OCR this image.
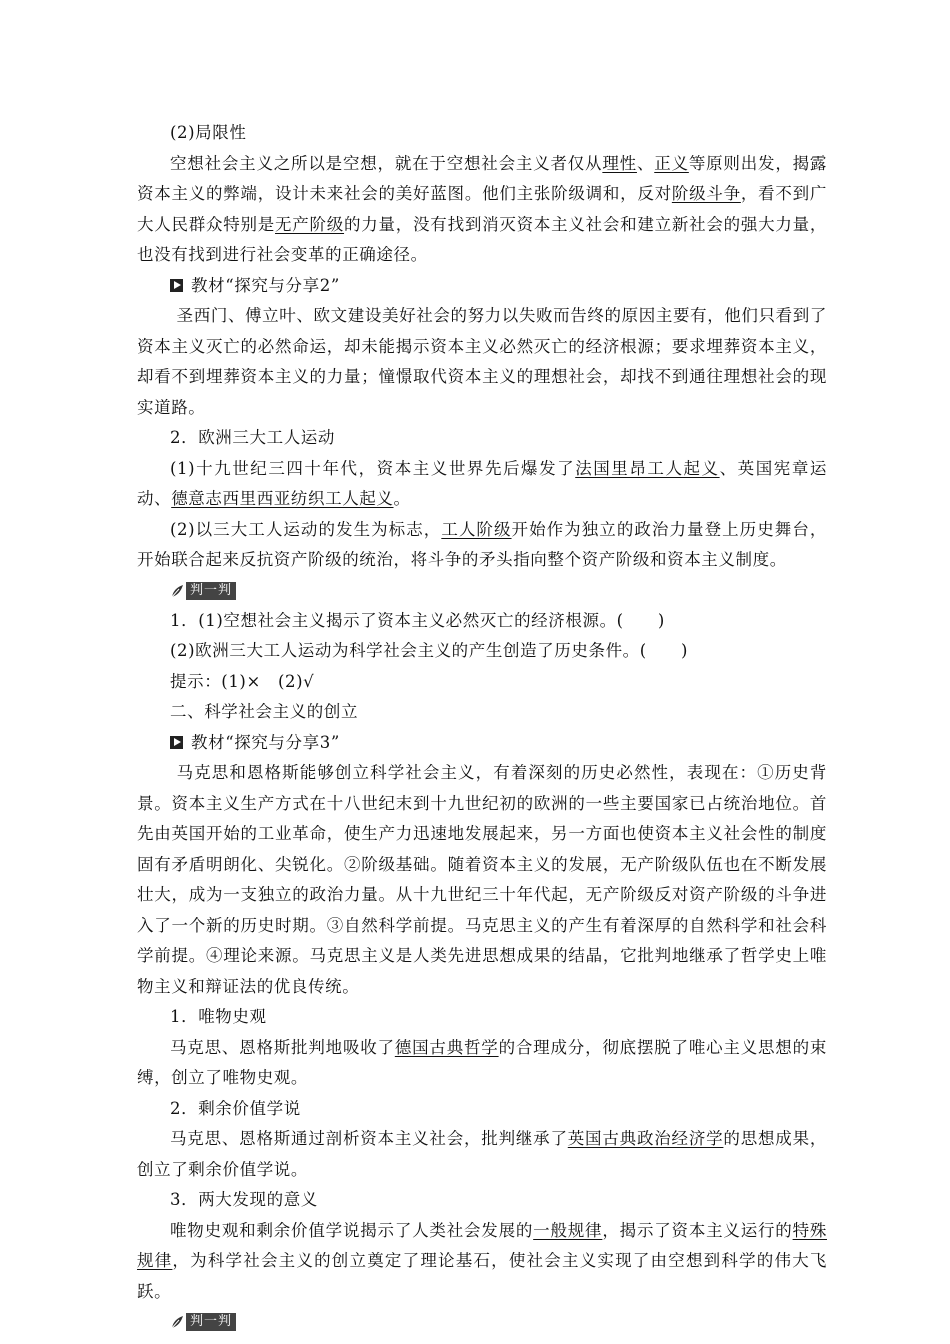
(2)局限性

空想社会主义之所以是空想，就在于空想社会主义者仅从理性、正义等原则出发，揭露资本主义的弊端，设计未来社会的美好蓝图。他们主张阶级调和，反对阶级斗争，看不到广大人民群众特别是无产阶级的力量，没有找到消灭资本主义社会和建立新社会的强大力量，也没有找到进行社会变革的正确途径。

教材“探究与分享2”

圣西门、傅立叶、欧文建设美好社会的努力以失败而告终的原因主要有，他们只看到了资本主义灭亡的必然命运，却未能揭示资本主义必然灭亡的经济根源；要求埋葬资本主义，却看不到埋葬资本主义的力量；憧憬取代资本主义的理想社会，却找不到通往理想社会的现实道路。

2．欧洲三大工人运动

(1)十九世纪三四十年代，资本主义世界先后爆发了法国里昂工人起义、英国宪章运动、德意志西里西亚纺织工人起义。

(2)以三大工人运动的发生为标志，工人阶级开始作为独立的政治力量登上历史舞台，开始联合起来反抗资产阶级的统治，将斗争的矛头指向整个资产阶级和资本主义制度。

判一判

1．(1)空想社会主义揭示了资本主义必然灭亡的经济根源。(　　)

(2)欧洲三大工人运动为科学社会主义的产生创造了历史条件。(　　)

提示：(1)×　(2)√

二、科学社会主义的创立

教材“探究与分享3”

马克思和恩格斯能够创立科学社会主义，有着深刻的历史必然性，表现在：①历史背景。资本主义生产方式在十八世纪末到十九世纪初的欧洲的一些主要国家已占统治地位。首先由英国开始的工业革命，使生产力迅速地发展起来，另一方面也使资本主义社会性的制度固有矛盾明朗化、尖锐化。②阶级基础。随着资本主义的发展，无产阶级队伍也在不断发展壮大，成为一支独立的政治力量。从十九世纪三十年代起，无产阶级反对资产阶级的斗争进入了一个新的历史时期。③自然科学前提。马克思主义的产生有着深厚的自然科学和社会科学前提。④理论来源。马克思主义是人类先进思想成果的结晶，它批判地继承了哲学史上唯物主义和辩证法的优良传统。

1．唯物史观

马克思、恩格斯批判地吸收了德国古典哲学的合理成分，彻底摆脱了唯心主义思想的束缚，创立了唯物史观。

2．剩余价值学说

马克思、恩格斯通过剖析资本主义社会，批判继承了英国古典政治经济学的思想成果，创立了剩余价值学说。

3．两大发现的意义

唯物史观和剩余价值学说揭示了人类社会发展的一般规律，揭示了资本主义运行的特殊规律，为科学社会主义的创立奠定了理论基石，使社会主义实现了由空想到科学的伟大飞跃。

判一判
